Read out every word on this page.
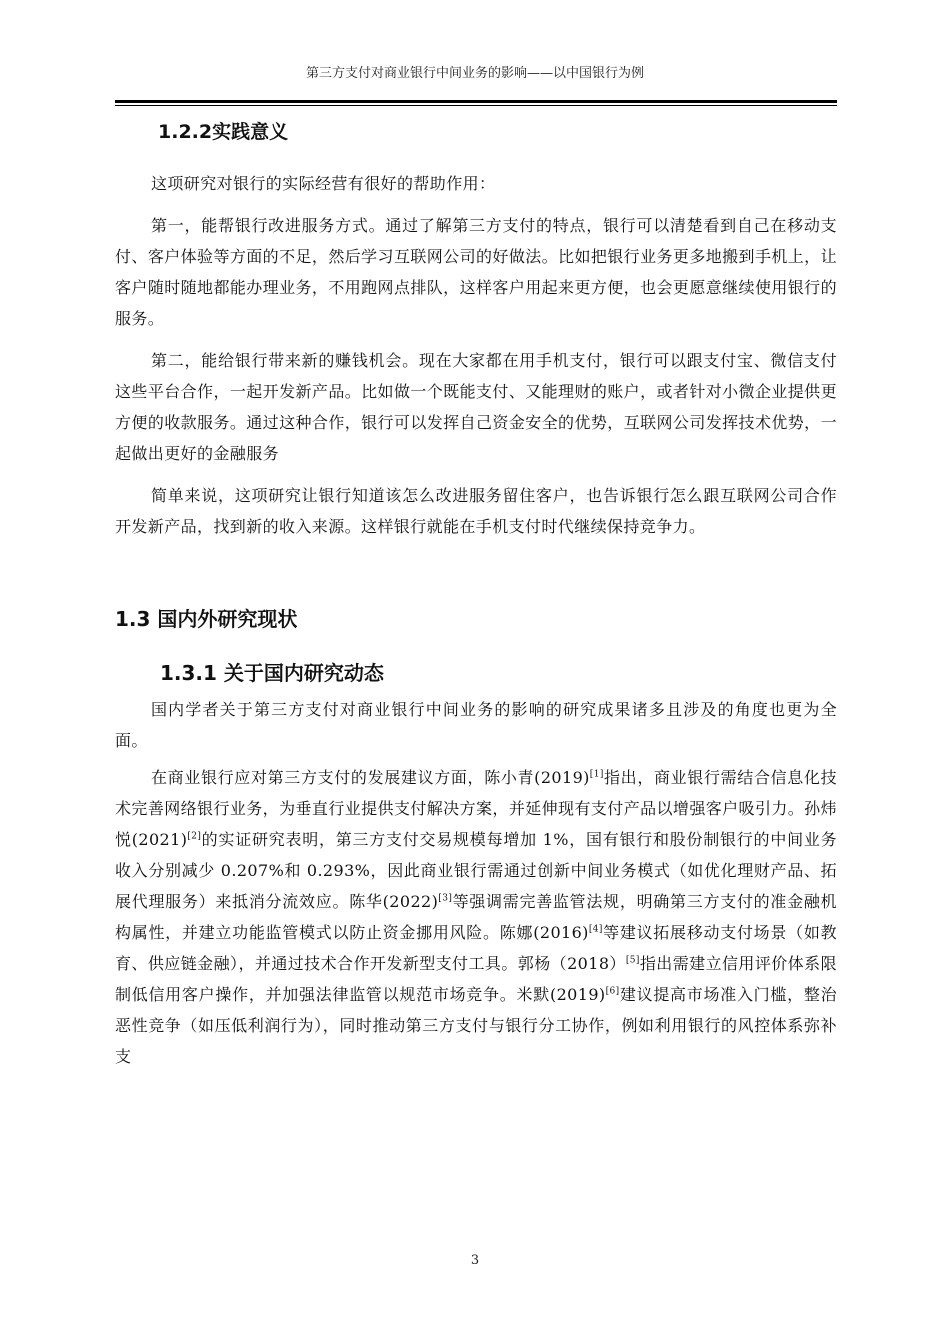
第三方支付对商业银行中间业务的影响——以中国银行为例
1.2.2实践意义

这项研究对银行的实际经营有很好的帮助作用：

第一，能帮银行改进服务方式。通过了解第三方支付的特点，银行可以清楚看到自己在移动支付、客户体验等方面的不足，然后学习互联网公司的好做法。比如把银行业务更多地搬到手机上，让客户随时随地都能办理业务，不用跑网点排队，这样客户用起来更方便，也会更愿意继续使用银行的服务。

第二，能给银行带来新的赚钱机会。现在大家都在用手机支付，银行可以跟支付宝、微信支付这些平台合作，一起开发新产品。比如做一个既能支付、又能理财的账户，或者针对小微企业提供更方便的收款服务。通过这种合作，银行可以发挥自己资金安全的优势，互联网公司发挥技术优势，一起做出更好的金融服务

简单来说，这项研究让银行知道该怎么改进服务留住客户，也告诉银行怎么跟互联网公司合作开发新产品，找到新的收入来源。这样银行就能在手机支付时代继续保持竞争力。

1.3 国内外研究现状
1.3.1 关于国内研究动态

国内学者关于第三方支付对商业银行中间业务的影响的研究成果诸多且涉及的角度也更为全面。

在商业银行应对第三方支付的发展建议方面，陈小青(2019)[1]指出，商业银行需结合信息化技术完善网络银行业务，为垂直行业提供支付解决方案，并延伸现有支付产品以增强客户吸引力。孙炜悦(2021)[2]的实证研究表明，第三方支付交易规模每增加 1%，国有银行和股份制银行的中间业务收入分别减少 0.207%和 0.293%，因此商业银行需通过创新中间业务模式（如优化理财产品、拓展代理服务）来抵消分流效应。陈华(2022)[3]等强调需完善监管法规，明确第三方支付的准金融机构属性，并建立功能监管模式以防止资金挪用风险。陈娜(2016)[4]等建议拓展移动支付场景（如教育、供应链金融），并通过技术合作开发新型支付工具。郭杨（2018）[5]指出需建立信用评价体系限制低信用客户操作，并加强法律监管以规范市场竞争。米默(2019)[6]建议提高市场准入门槛，整治恶性竞争（如压低利润行为），同时推动第三方支付与银行分工协作，例如利用银行的风控体系弥补支

3
